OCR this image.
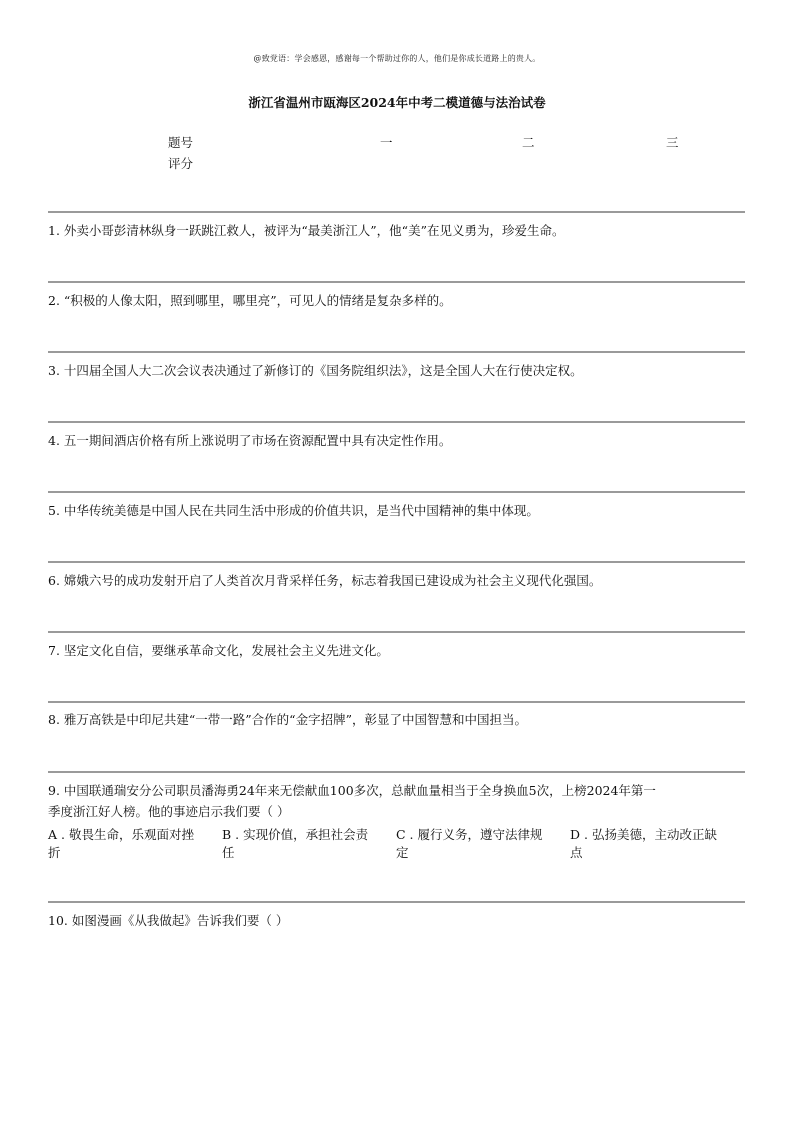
@致党语：学会感恩，感谢每一个帮助过你的人，他们是你成长道路上的贵人。
浙江省温州市瓯海区2024年中考二模道德与法治试卷
题号	一	二	三
评分
1. 外卖小哥彭清林纵身一跃跳江救人，被评为“最美浙江人”，他“美”在见义勇为，珍爱生命。
2. “积极的人像太阳，照到哪里，哪里亮”，可见人的情绪是复杂多样的。
3. 十四届全国人大二次会议表决通过了新修订的《国务院组织法》，这是全国人大在行使决定权。
4. 五一期间酒店价格有所上涨说明了市场在资源配置中具有决定性作用。
5. 中华传统美德是中国人民在共同生活中形成的价值共识，是当代中国精神的集中体现。
6. 嫦娥六号的成功发射开启了人类首次月背采样任务，标志着我国已建设成为社会主义现代化强国。
7. 坚定文化自信，要继承革命文化，发展社会主义先进文化。
8. 雅万高铁是中印尼共建“一带一路”合作的“金字招牌”，彰显了中国智慧和中国担当。
9. 中国联通瑞安分公司职员潘海勇24年来无偿献血100多次，总献血量相当于全身换血5次，上榜2024年第一
季度浙江好人榜。他的事迹启示我们要（ ）
A . 敬畏生命，乐观面对挫
折
B . 实现价值，承担社会责
任
C . 履行义务，遵守法律规
定
D . 弘扬美德，主动改正缺
点
10. 如图漫画《从我做起》告诉我们要（ ）
